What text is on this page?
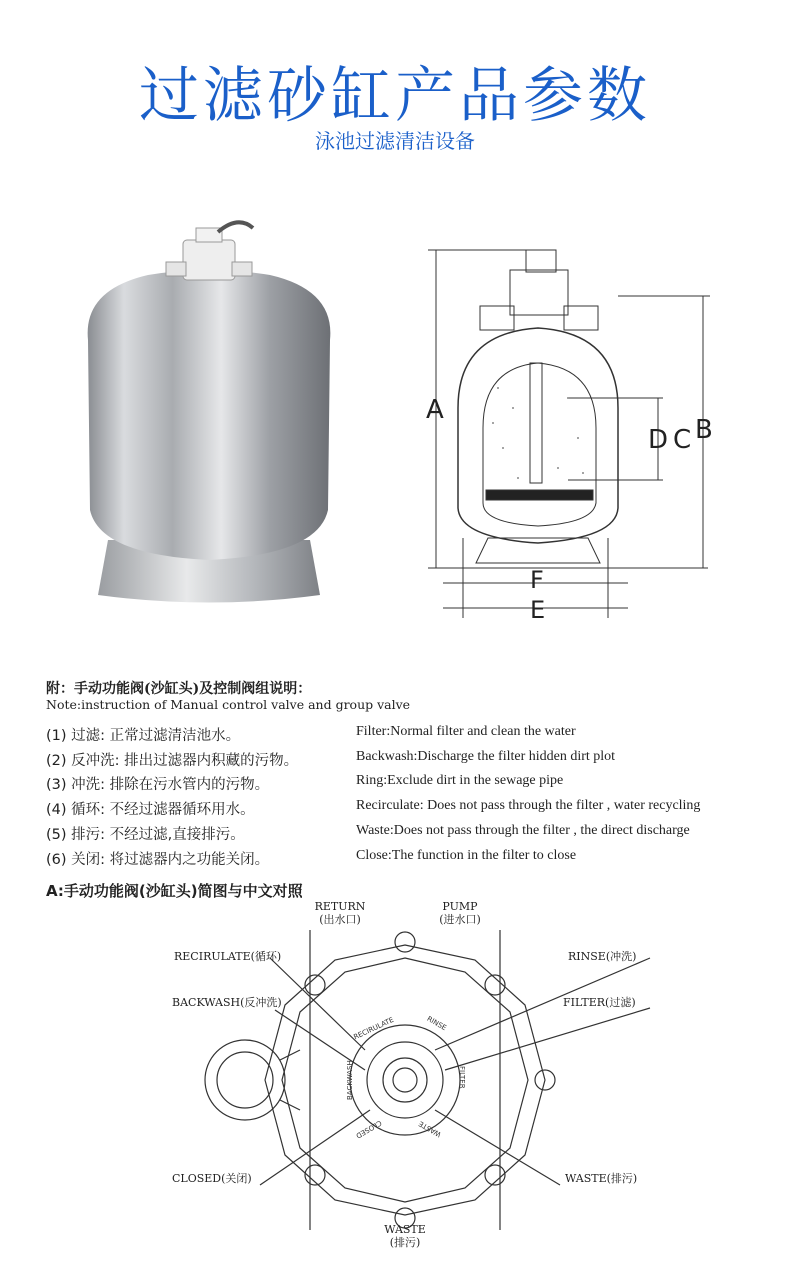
过滤砂缸产品参数
泳池过滤清洁设备
A
B
C
D
F
E
附：手动功能阀(沙缸头)及控制阀组说明：
Note:instruction of Manual control valve and group valve
(1) 过滤: 正常过滤清洁池水。	Filter:Normal filter and clean the water
(2) 反冲洗: 排出过滤器内积藏的污物。	Backwash:Discharge the filter hidden dirt plot
(3) 冲洗: 排除在污水管内的污物。	Ring:Exclude dirt in the sewage pipe
(4) 循环: 不经过滤器循环用水。	Recirculate: Does not pass through the filter , water recycling
(5) 排污: 不经过滤,直接排污。	Waste:Does not pass through the filter , the direct discharge
(6) 关闭: 将过滤器内之功能关闭。	Close:The function in the filter to close
A:手动功能阀(沙缸头)简图与中文对照
RETURN
(出水口)
PUMP
(进水口)
RECIRULATE(循环)
BACKWASH(反冲洗)
CLOSED(关闭)
RINSE(冲洗)
FILTER(过滤)
WASTE(排污)
WASTE
(排污)
RECIRULATE	RINSE
FILTER
WASTE
CLOSED
BACKWASH
